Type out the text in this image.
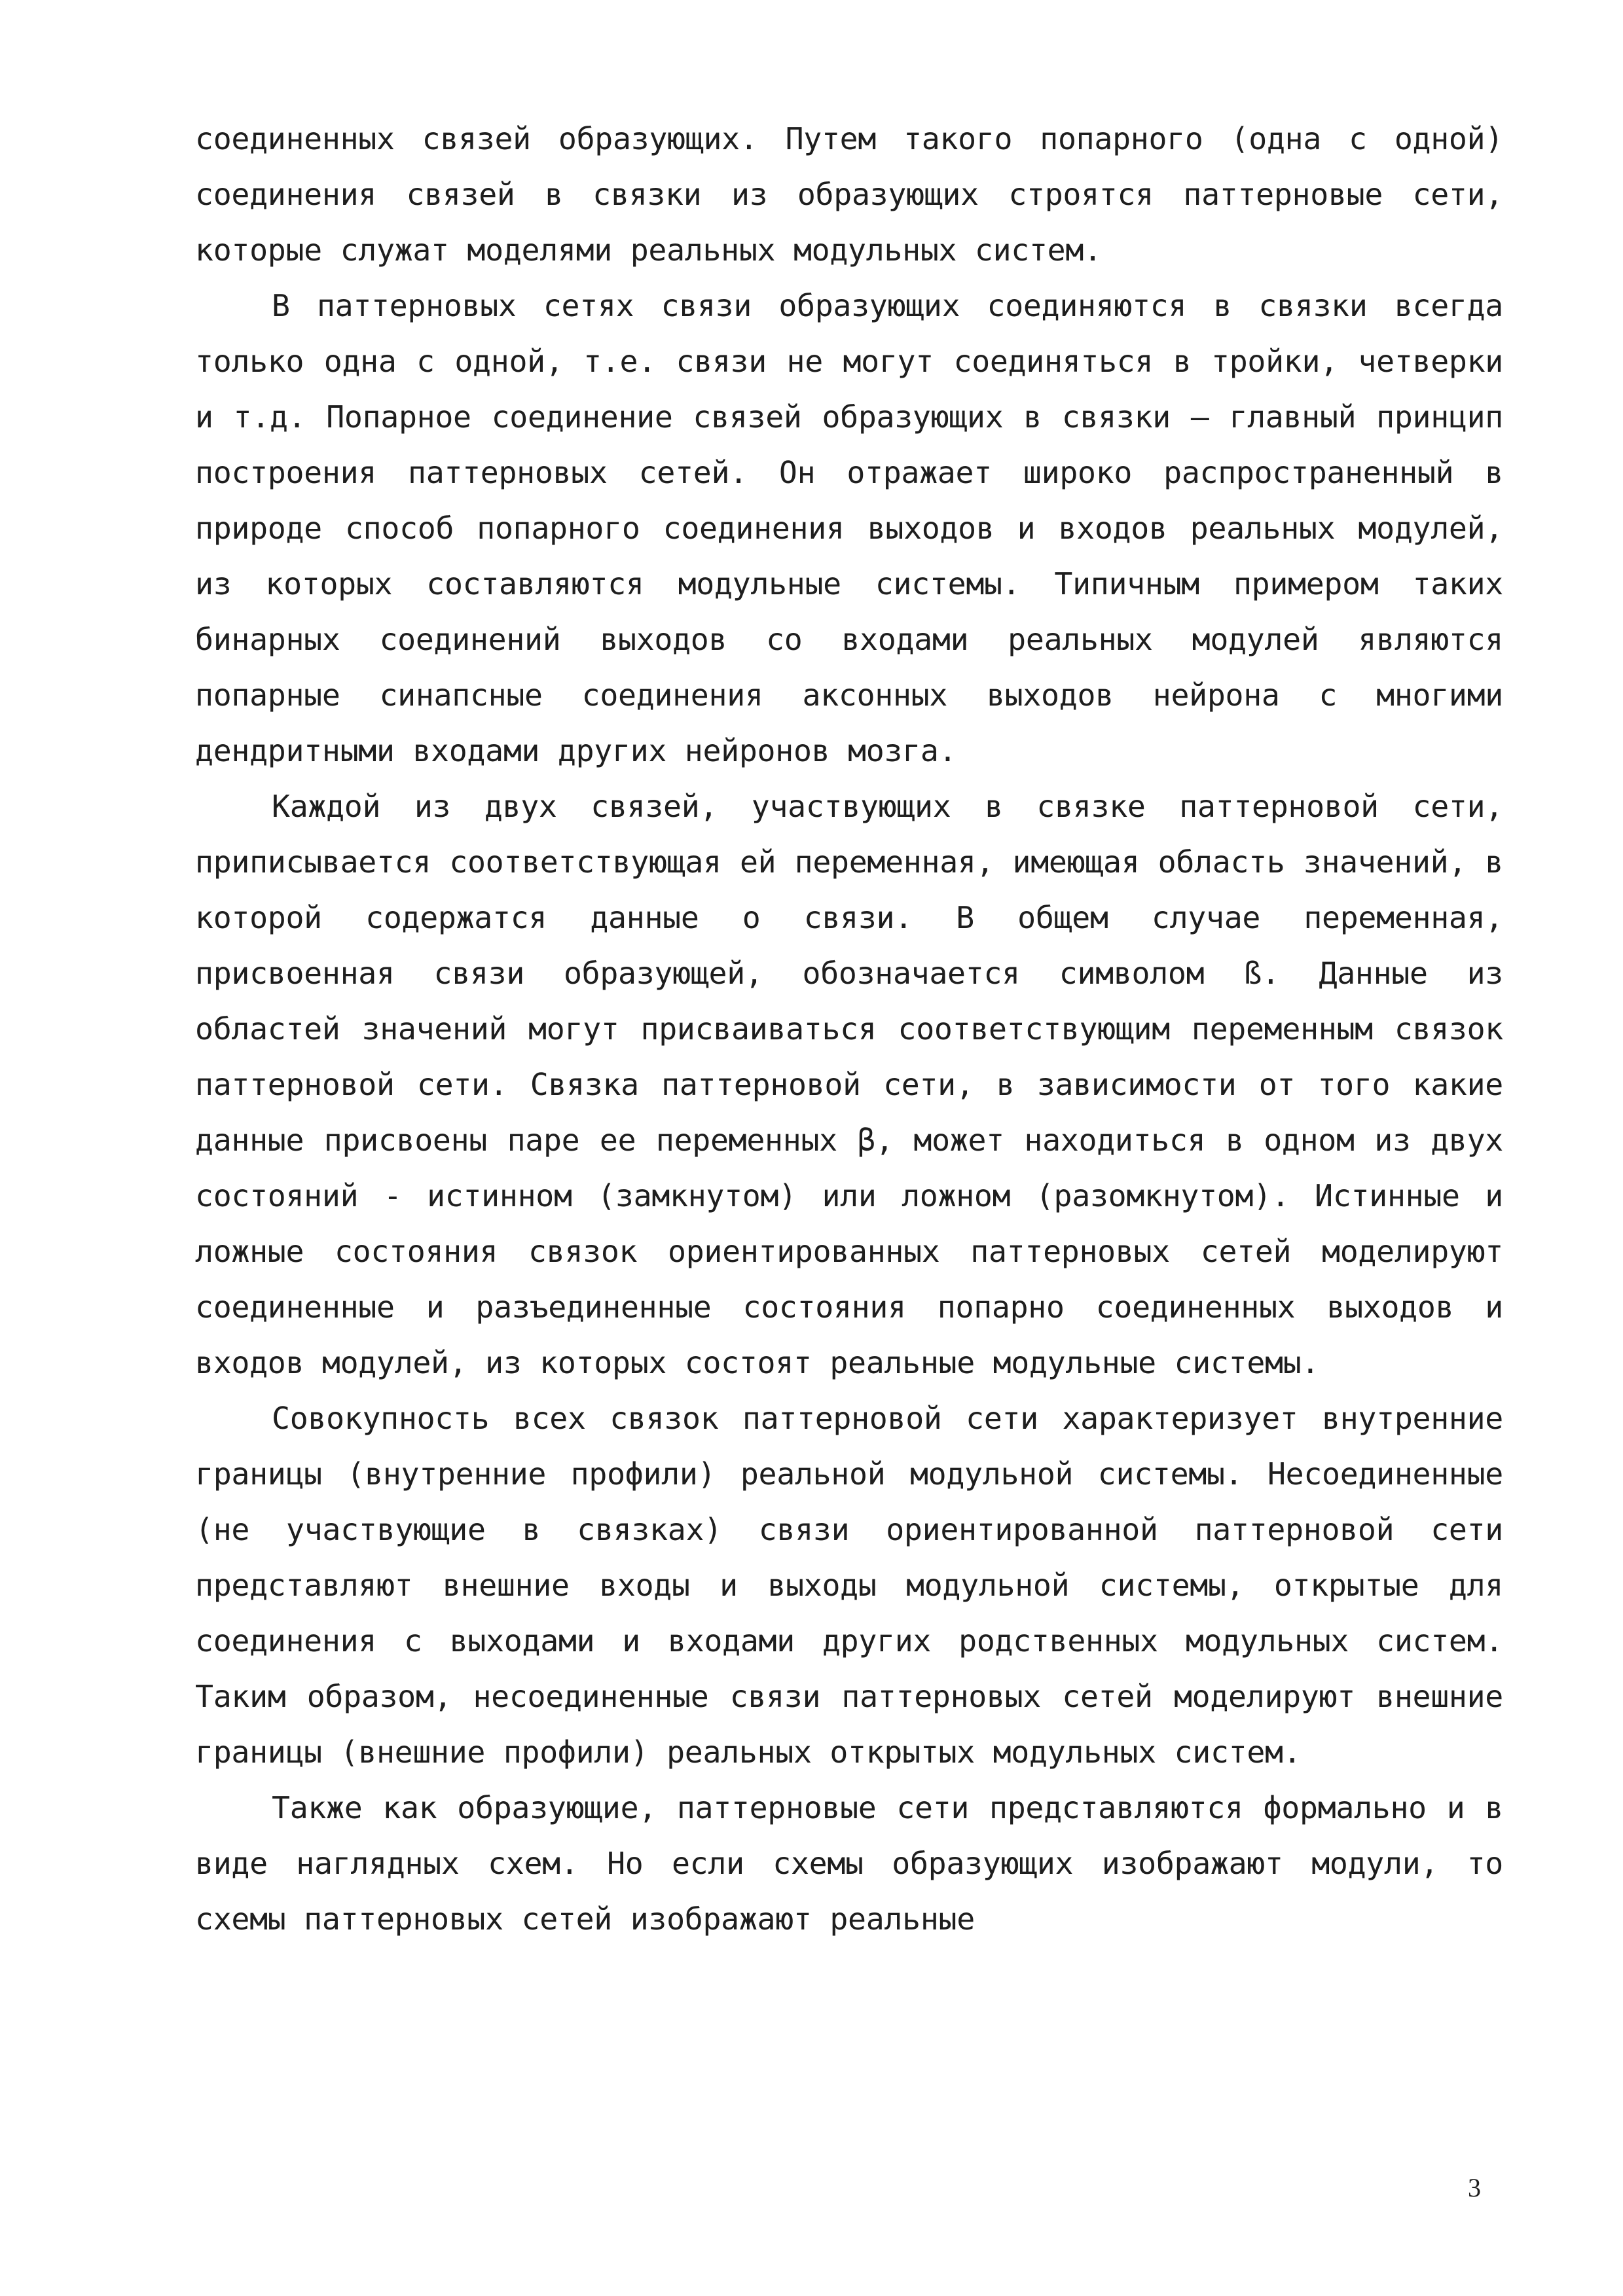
соединенных связей образующих. Путем такого попарного (одна с одной) соединения связей в связки из образующих строятся паттерновые сети, которые служат моделями реальных модульных систем.

В паттерновых сетях связи образующих соединяются в связки всегда только одна с одной, т.е. связи не могут соединяться в тройки, четверки и т.д. Попарное соединение связей образующих в связки – главный принцип построения паттерновых сетей. Он отражает широко распространенный в природе способ попарного соединения выходов и входов реальных модулей, из которых составляются модульные системы. Типичным примером таких бинарных соединений выходов со входами реальных модулей являются попарные синапсные соединения аксонных выходов нейрона с многими дендритными входами других нейронов мозга.

Каждой из двух связей, участвующих в связке паттерновой сети, приписывается соответствующая ей переменная, имеющая область значений, в которой содержатся данные о связи. В общем случае переменная, присвоенная связи образующей, обозначается символом ß. Данные из областей значений могут присваиваться соответствующим переменным связок паттерновой сети. Связка паттерновой сети, в зависимости от того какие данные присвоены паре ее переменных β, может находиться в одном из двух состояний - истинном (замкнутом) или ложном (разомкнутом). Истинные и ложные состояния связок ориентированных паттерновых сетей моделируют соединенные и разъединенные состояния попарно соединенных выходов и входов модулей, из которых состоят реальные модульные системы.

Совокупность всех связок паттерновой сети характеризует внутренние границы (внутренние профили) реальной модульной системы. Несоединенные (не участвующие в связках) связи ориентированной паттерновой сети представляют внешние входы и выходы модульной системы, открытые для соединения с выходами и входами других родственных модульных систем. Таким образом, несоединенные связи паттерновых сетей моделируют внешние границы (внешние профили) реальных открытых модульных систем.

Также как образующие, паттерновые сети представляются формально и в виде наглядных схем. Но если схемы образующих изображают модули, то схемы паттерновых сетей изображают реальные

3
